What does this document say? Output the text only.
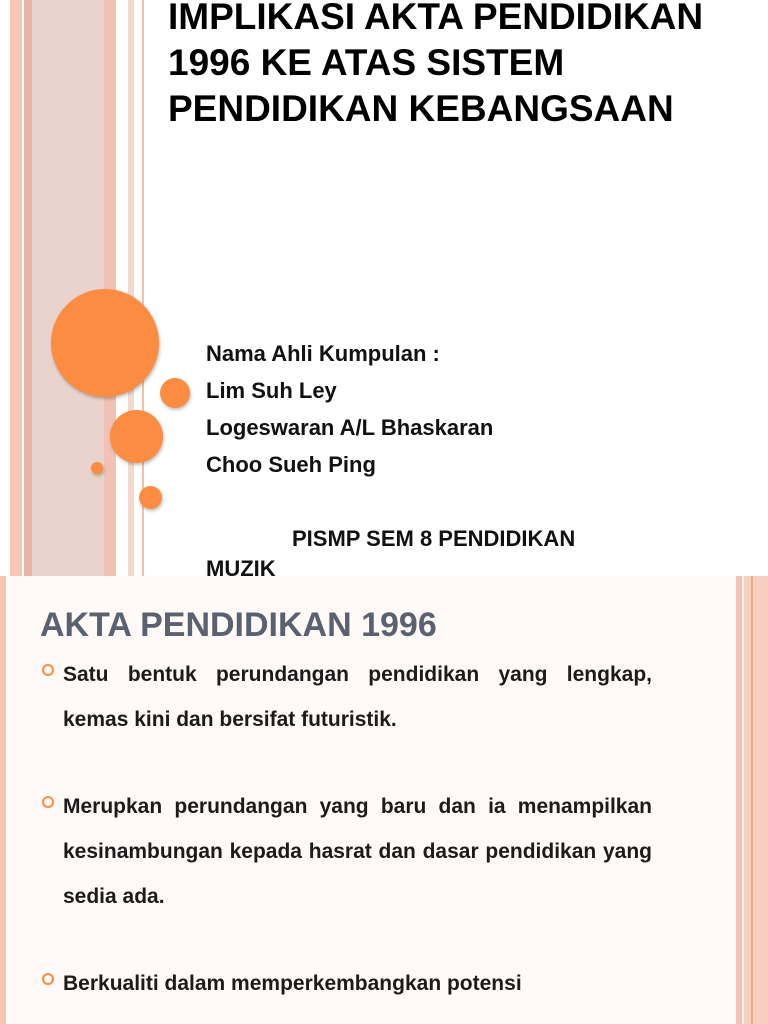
IMPLIKASI AKTA PENDIDIKAN 1996 KE ATAS SISTEM PENDIDIKAN KEBANGSAAN
Nama Ahli Kumpulan :
Lim Suh Ley
Logeswaran A/L Bhaskaran
Choo Sueh Ping
PISMP SEM 8 PENDIDIKAN
MUZIK
AKTA PENDIDIKAN 1996

Satu bentuk perundangan pendidikan yang lengkap, kemas kini dan bersifat futuristik.

Merupkan perundangan yang baru dan ia menampilkan kesinambungan kepada hasrat dan dasar pendidikan yang sedia ada.

Berkualiti dalam memperkembangkan potensi
